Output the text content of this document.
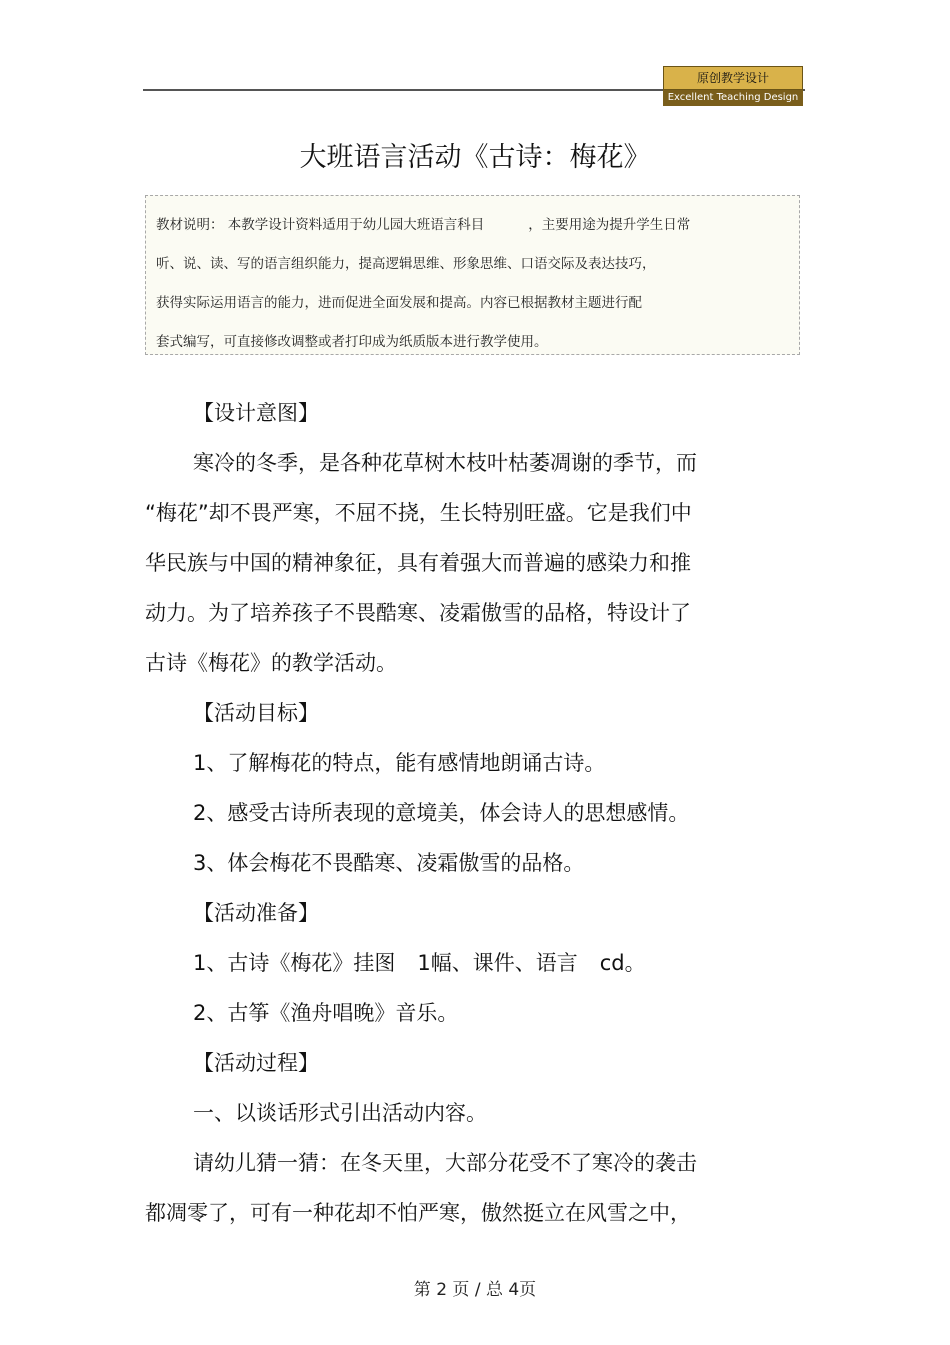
原创教学设计
Excellent Teaching Design
大班语言活动《古诗：梅花》
教材说明： 本教学设计资料适用于幼儿园大班语言科目	，主要用途为提升学生日常
听、说、读、写的语言组织能力，提高逻辑思维、形象思维、口语交际及表达技巧，
获得实际运用语言的能力，进而促进全面发展和提高。内容已根据教材主题进行配
套式编写，可直接修改调整或者打印成为纸质版本进行教学使用。
【设计意图】
寒冷的冬季，是各种花草树木枝叶枯萎凋谢的季节，而
“梅花”却不畏严寒，不屈不挠，生长特别旺盛。它是我们中
华民族与中国的精神象征，具有着强大而普遍的感染力和推
动力。为了培养孩子不畏酷寒、凌霜傲雪的品格，特设计了
古诗《梅花》的教学活动。
【活动目标】
1、了解梅花的特点，能有感情地朗诵古诗。
2、感受古诗所表现的意境美，体会诗人的思想感情。
3、体会梅花不畏酷寒、凌霜傲雪的品格。
【活动准备】
1、古诗《梅花》挂图 1幅、课件、语言 cd。
2、古筝《渔舟唱晚》音乐。
【活动过程】
一、以谈话形式引出活动内容。
请幼儿猜一猜：在冬天里，大部分花受不了寒冷的袭击
都凋零了，可有一种花却不怕严寒，傲然挺立在风雪之中，
第 2 页 / 总 4页
